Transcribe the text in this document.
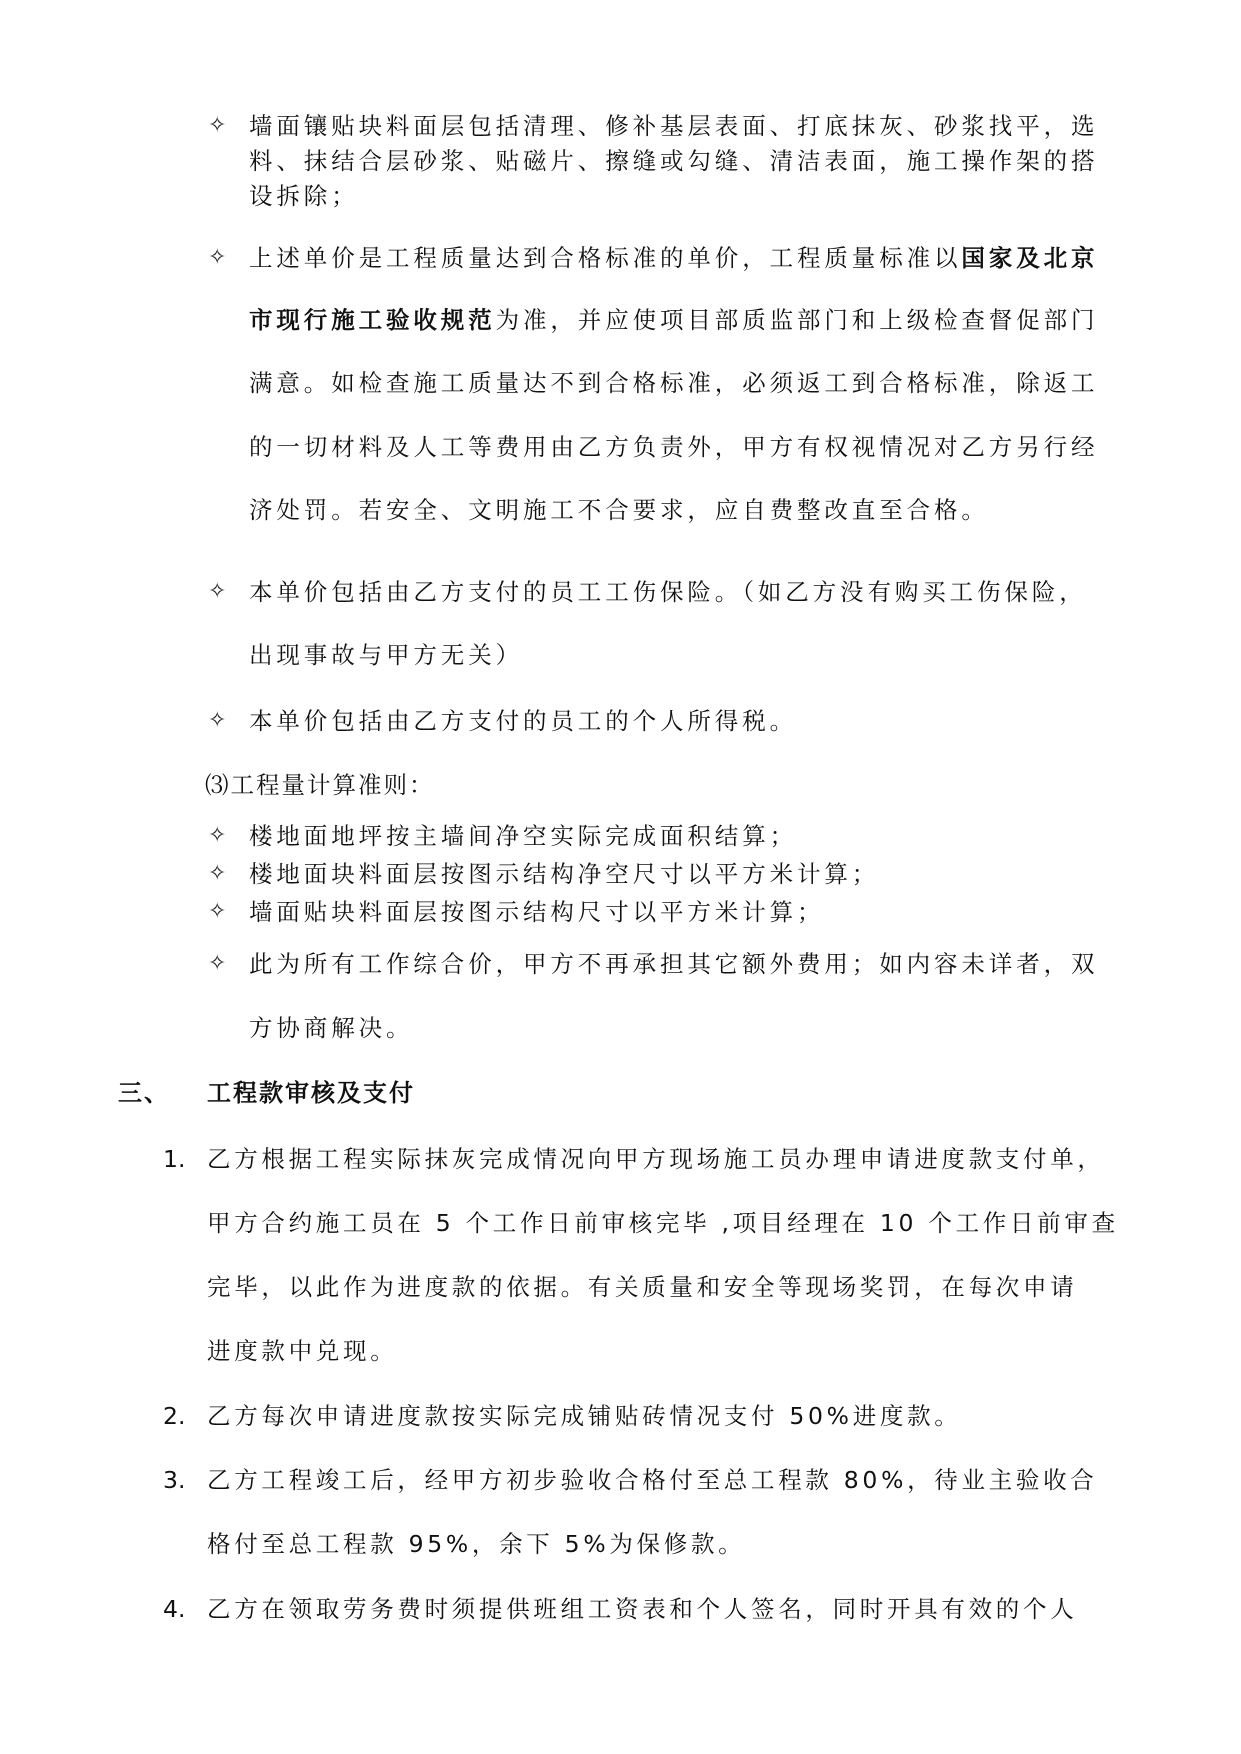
✧ 墙面镶贴块料面层包括清理、修补基层表面、打底抹灰、砂浆找平，选
料、抹结合层砂浆、贴磁片、擦缝或勾缝、清洁表面，施工操作架的搭
设拆除；
✧ 上述单价是工程质量达到合格标准的单价，工程质量标准以国家及北京
市现行施工验收规范为准，并应使项目部质监部门和上级检查督促部门
满意。如检查施工质量达不到合格标准，必须返工到合格标准，除返工
的一切材料及人工等费用由乙方负责外，甲方有权视情况对乙方另行经
济处罚。若安全、文明施工不合要求，应自费整改直至合格。
✧ 本单价包括由乙方支付的员工工伤保险。（如乙方没有购买工伤保险，
出现事故与甲方无关）
✧ 本单价包括由乙方支付的员工的个人所得税。
⑶工程量计算准则：
✧ 楼地面地坪按主墙间净空实际完成面积结算；
✧ 楼地面块料面层按图示结构净空尺寸以平方米计算；
✧ 墙面贴块料面层按图示结构尺寸以平方米计算；
✧ 此为所有工作综合价，甲方不再承担其它额外费用；如内容未详者，双
方协商解决。
三、 工程款审核及支付
1. 乙方根据工程实际抹灰完成情况向甲方现场施工员办理申请进度款支付单，
甲方合约施工员在 5 个工作日前审核完毕 ,项目经理在 10 个工作日前审查
完毕，以此作为进度款的依据。有关质量和安全等现场奖罚，在每次申请
进度款中兑现。
2. 乙方每次申请进度款按实际完成铺贴砖情况支付 50%进度款。
3. 乙方工程竣工后，经甲方初步验收合格付至总工程款 80%，待业主验收合
格付至总工程款 95%，余下 5%为保修款。
4. 乙方在领取劳务费时须提供班组工资表和个人签名，同时开具有效的个人
